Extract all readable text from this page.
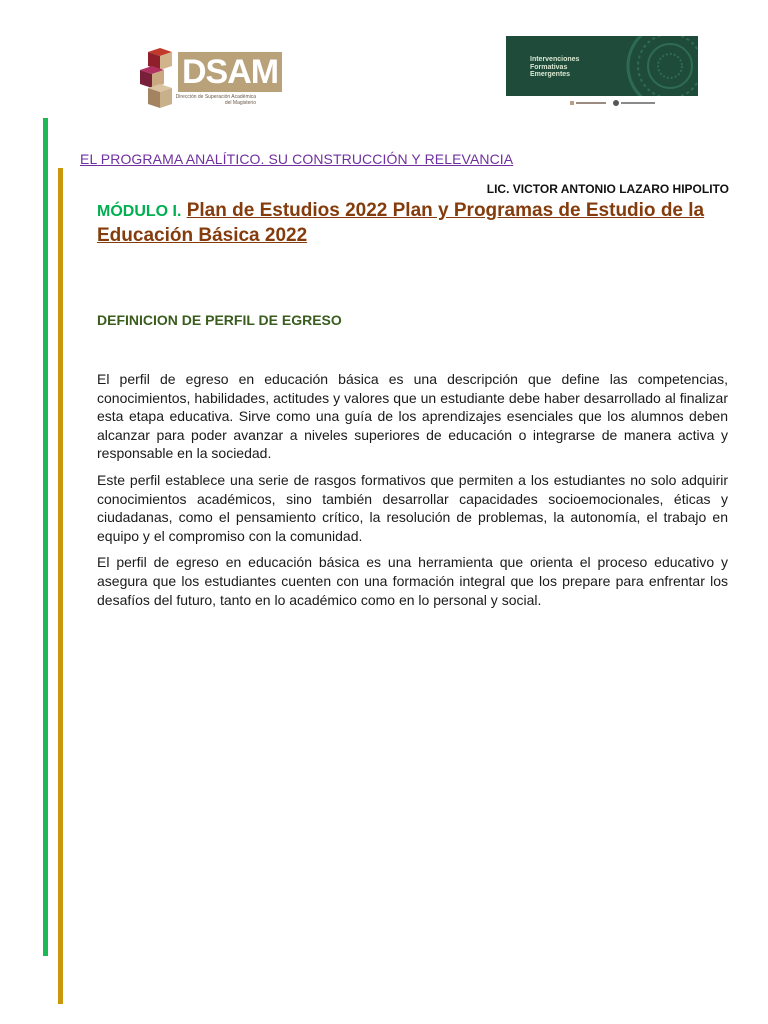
DSAM
Dirección de Superación Académica del Magisterio
Intervenciones
Formativas
Emergentes
EL PROGRAMA ANALÍTICO. SU CONSTRUCCIÓN Y RELEVANCIA
LIC. VICTOR ANTONIO LAZARO HIPOLITO
MÓDULO I. Plan de Estudios 2022 Plan y Programas de Estudio de la Educación Básica 2022
DEFINICION DE PERFIL DE EGRESO

El perfil de egreso en educación básica es una descripción que define las competencias, conocimientos, habilidades, actitudes y valores que un estudiante debe haber desarrollado al finalizar esta etapa educativa. Sirve como una guía de los aprendizajes esenciales que los alumnos deben alcanzar para poder avanzar a niveles superiores de educación o integrarse de manera activa y responsable en la sociedad.

Este perfil establece una serie de rasgos formativos que permiten a los estudiantes no solo adquirir conocimientos académicos, sino también desarrollar capacidades socioemocionales, éticas y ciudadanas, como el pensamiento crítico, la resolución de problemas, la autonomía, el trabajo en equipo y el compromiso con la comunidad.

El perfil de egreso en educación básica es una herramienta que orienta el proceso educativo y asegura que los estudiantes cuenten con una formación integral que los prepare para enfrentar los desafíos del futuro, tanto en lo académico como en lo personal y social.
